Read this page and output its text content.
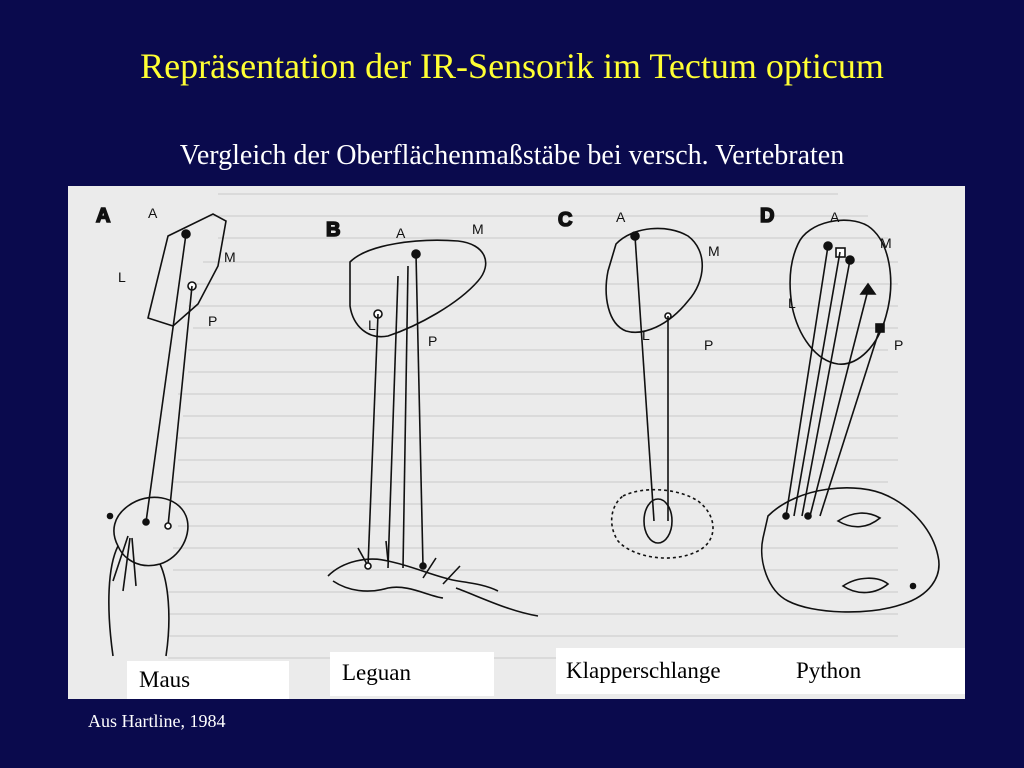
Repräsentation der IR-Sensorik im Tectum opticum
Vergleich der Oberflächenmaßstäbe bei versch. Vertebraten
A	A
M
L
P
B	A	M
L
P
C	A
M
L
P
D	A
M
L
P
Maus	Leguan	Klapperschlange	Python
Aus Hartline, 1984
